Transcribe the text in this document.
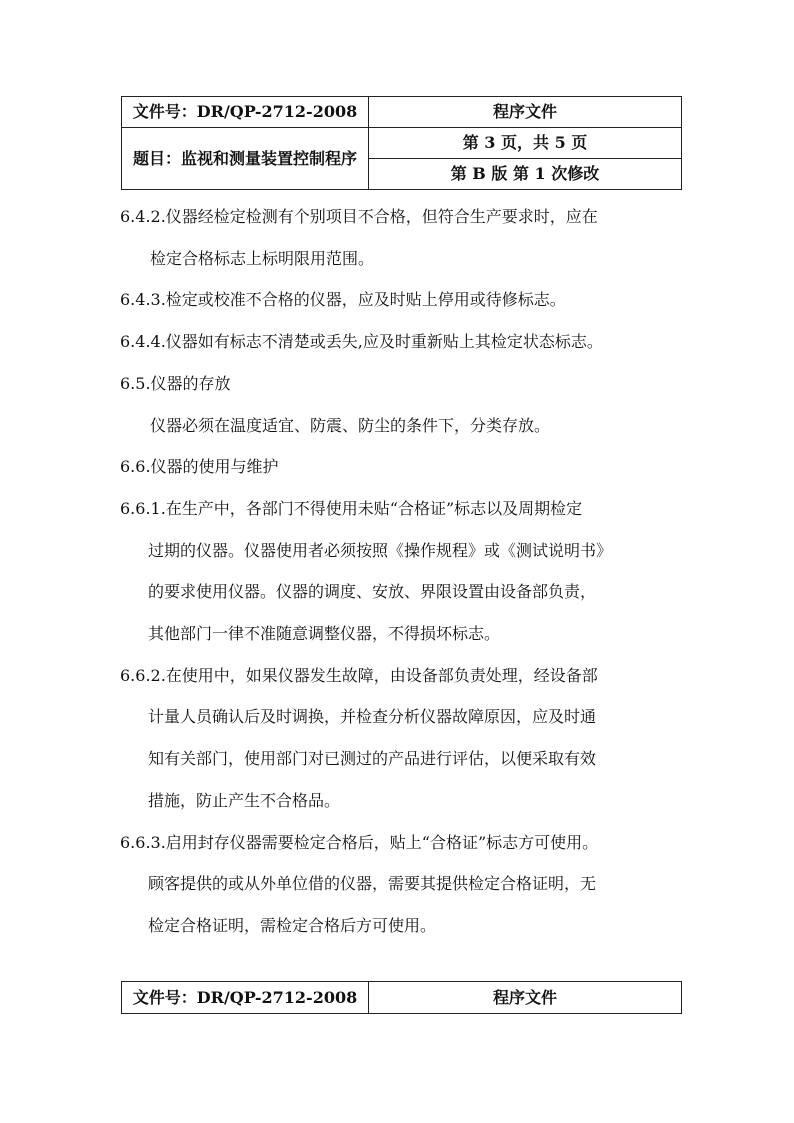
文件号：DR/QP-2712-2008	程序文件
题目：监视和测量装置控制程序	第 3 页，共 5 页
	第 B 版 第 1 次修改

6.4.2.仪器经检定检测有个别项目不合格，但符合生产要求时，应在

检定合格标志上标明限用范围。

6.4.3.检定或校准不合格的仪器，应及时贴上停用或待修标志。

6.4.4.仪器如有标志不清楚或丢失,应及时重新贴上其检定状态标志。

6.5.仪器的存放

仪器必须在温度适宜、防震、防尘的条件下，分类存放。

6.6.仪器的使用与维护

6.6.1.在生产中，各部门不得使用未贴“合格证”标志以及周期检定

过期的仪器。仪器使用者必须按照《操作规程》或《测试说明书》

的要求使用仪器。仪器的调度、安放、界限设置由设备部负责，

其他部门一律不准随意调整仪器，不得损坏标志。

6.6.2.在使用中，如果仪器发生故障，由设备部负责处理，经设备部

计量人员确认后及时调换，并检查分析仪器故障原因，应及时通

知有关部门，使用部门对已测过的产品进行评估，以便采取有效

措施，防止产生不合格品。

6.6.3.启用封存仪器需要检定合格后，贴上“合格证”标志方可使用。

顾客提供的或从外单位借的仪器，需要其提供检定合格证明，无

检定合格证明，需检定合格后方可使用。

文件号：DR/QP-2712-2008	程序文件
